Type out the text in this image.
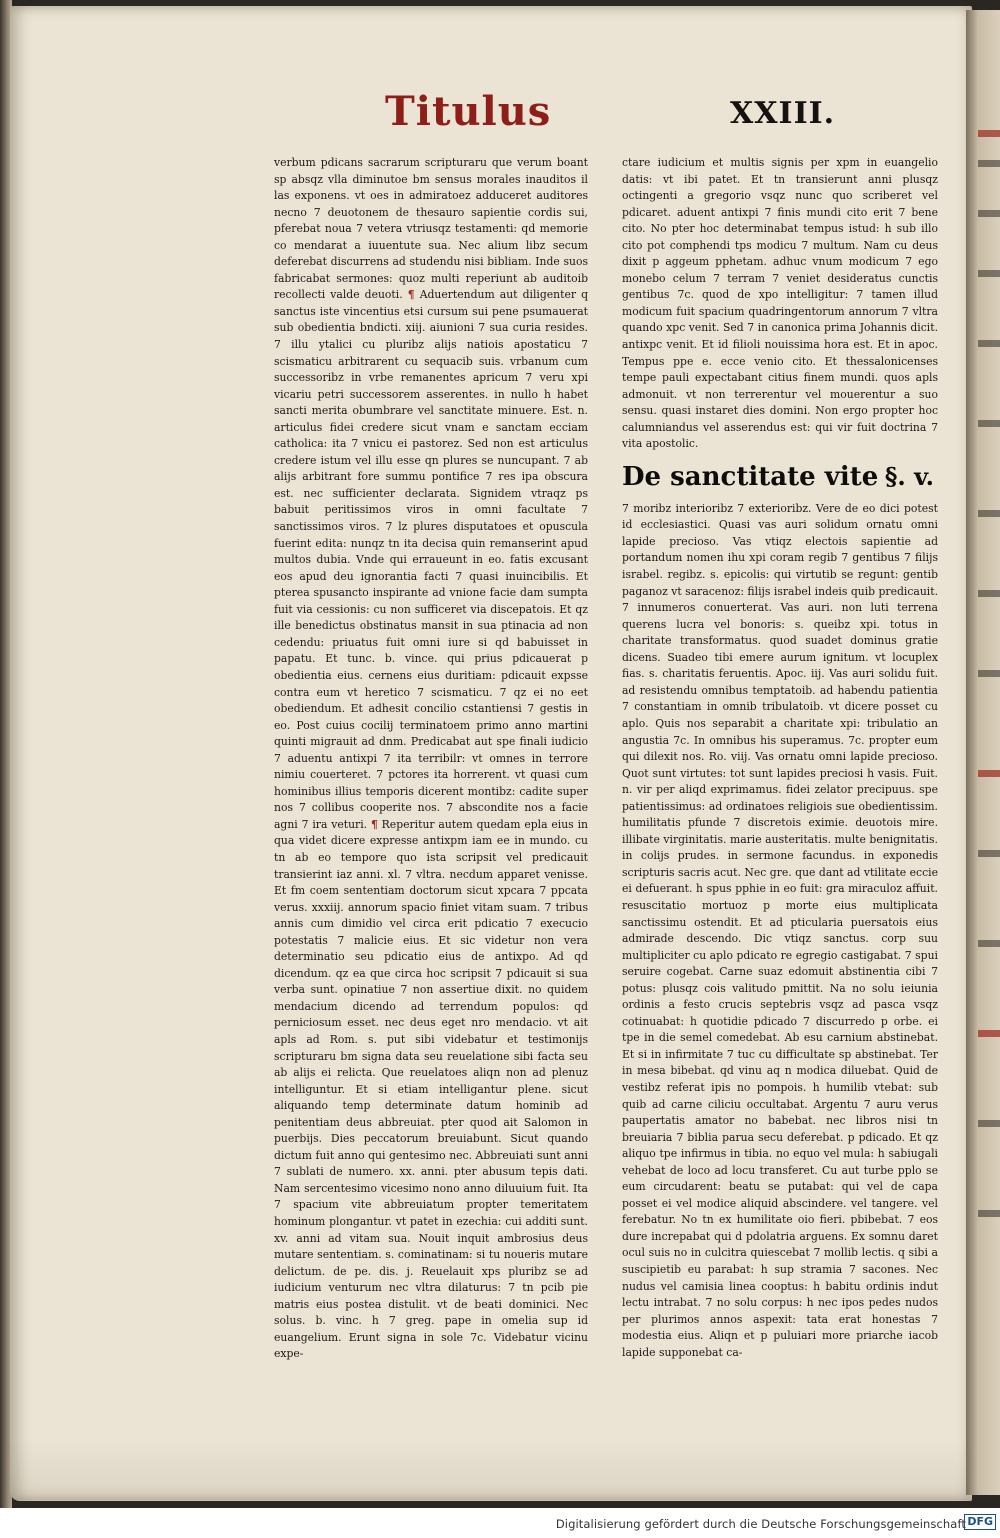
Titulus	XXIII.

verbum pdicans sacrarum scripturaru que verum boant sp absqz vlla diminutoe bm sensus morales inauditos il las exponens. vt oes in admiratoez adduceret auditores necno 7 deuotonem de thesauro sapientie cordis sui, pferebat noua 7 vetera vtriusqz testamenti: qd memorie co mendarat a iuuentute sua. Nec alium libz secum deferebat discurrens ad studendu nisi bibliam. Inde suos fabricabat sermones: quoz multi reperiunt ab auditoib recollecti valde deuoti. ¶ Aduertendum aut diligenter q sanctus iste vincentius etsi cursum sui pene psumauerat sub obedientia bndicti. xiij. aiunioni 7 sua curia resides. 7 illu ytalici cu pluribz alijs natiois apostaticu 7 scismaticu arbitrarent cu sequacib suis. vrbanum cum successoribz in vrbe remanentes apricum 7 veru xpi vicariu petri successorem asserentes. in nullo h habet sancti merita obumbrare vel sanctitate minuere. Est. n. articulus fidei credere sicut vnam e sanctam ecciam catholica: ita 7 vnicu ei pastorez. Sed non est articulus credere istum vel illu esse qn plures se nuncupant. 7 ab alijs arbitrant fore summu pontifice 7 res ipa obscura est. nec sufficienter declarata. Signidem vtraqz ps babuit peritissimos viros in omni facultate 7 sanctissimos viros. 7 lz plures disputatoes et opuscula fuerint edita: nunqz tn ita decisa quin remanserint apud multos dubia. Vnde qui erraueunt in eo. fatis excusant eos apud deu ignorantia facti 7 quasi inuincibilis. Et pterea spusancto inspirante ad vnione facie dam sumpta fuit via cessionis: cu non sufficeret via discepatois. Et qz ille benedictus obstinatus mansit in sua ptinacia ad non cedendu: priuatus fuit omni iure si qd babuisset in papatu. Et tunc. b. vince. qui prius pdicauerat p obedientia eius. cernens eius duritiam: pdicauit expsse contra eum vt heretico 7 scismaticu. 7 qz ei no eet obediendum. Et adhesit concilio cstantiensi 7 gestis in eo. Post cuius cocilij terminatoem primo anno martini quinti migrauit ad dnm. Predicabat aut spe finali iudicio 7 aduentu antixpi 7 ita terribilr: vt omnes in terrore nimiu couerteret. 7 pctores ita horrerent. vt quasi cum hominibus illius temporis dicerent montibz: cadite super nos 7 collibus cooperite nos. 7 abscondite nos a facie agni 7 ira veturi. ¶ Reperitur autem quedam epla eius in qua videt dicere expresse antixpm iam ee in mundo. cu tn ab eo tempore quo ista scripsit vel predicauit transierint iaz anni. xl. 7 vltra. necdum apparet venisse. Et fm coem sententiam doctorum sicut xpcara 7 ppcata verus. xxxiij. annorum spacio finiet vitam suam. 7 tribus annis cum dimidio vel circa erit pdicatio 7 execucio potestatis 7 malicie eius. Et sic videtur non vera determinatio seu pdicatio eius de antixpo. Ad qd dicendum. qz ea que circa hoc scripsit 7 pdicauit si sua verba sunt. opinatiue 7 non assertiue dixit. no quidem mendacium dicendo ad terrendum populos: qd perniciosum esset. nec deus eget nro mendacio. vt ait apls ad Rom. s. put sibi videbatur et testimonijs scripturaru bm signa data seu reuelatione sibi facta seu ab alijs ei relicta. Que reuelatoes aliqn non ad plenuz intelliguntur. Et si etiam intelligantur plene. sicut aliquando temp determinate datum hominib ad penitentiam deus abbreuiat. pter quod ait Salomon in puerbijs. Dies peccatorum breuiabunt. Sicut quando dictum fuit anno qui gentesimo nec. Abbreuiati sunt anni 7 sublati de numero. xx. anni. pter abusum tepis dati. Nam sercentesimo vicesimo nono anno diluuium fuit. Ita 7 spacium vite abbreuiatum propter temeritatem hominum plongantur. vt patet in ezechia: cui additi sunt. xv. anni ad vitam sua. Nouit inquit ambrosius deus mutare sententiam. s. cominatinam: si tu noueris mutare delictum. de pe. dis. j. Reuelauit xps pluribz se ad iudicium venturum nec vltra dilaturus: 7 tn pcib pie matris eius postea distulit. vt de beati dominici. Nec solus. b. vinc. h 7 greg. pape in omelia sup id euangelium. Erunt signa in sole 7c. Videbatur vicinu expe-

ctare iudicium et multis signis per xpm in euangelio datis: vt ibi patet. Et tn transierunt anni plusqz octingenti a gregorio vsqz nunc quo scriberet vel pdicaret. aduent antixpi 7 finis mundi cito erit 7 bene cito. No pter hoc determinabat tempus istud: h sub illo cito pot comphendi tps modicu 7 multum. Nam cu deus dixit p aggeum pphetam. adhuc vnum modicum 7 ego monebo celum 7 terram 7 veniet desideratus cunctis gentibus 7c. quod de xpo intelligitur: 7 tamen illud modicum fuit spacium quadringentorum annorum 7 vltra quando xpc venit. Sed 7 in canonica prima Johannis dicit. antixpc venit. Et id filioli nouissima hora est. Et in apoc. Tempus ppe e. ecce venio cito. Et thessalonicenses tempe pauli expectabant citius finem mundi. quos apls admonuit. vt non terrerentur vel mouerentur a suo sensu. quasi instaret dies domini. Non ergo propter hoc calumniandus vel asserendus est: qui vir fuit doctrina 7 vita apostolic.

De sanctitate vite §. v.

7 moribz interioribz 7 exterioribz. Vere de eo dici potest id ecclesiastici. Quasi vas auri solidum ornatu omni lapide precioso. Vas vtiqz electois sapientie ad portandum nomen ihu xpi coram regib 7 gentibus 7 filijs israbel. regibz. s. epicolis: qui virtutib se regunt: gentib paganoz vt saracenoz: filijs israbel indeis quib predicauit. 7 innumeros conuerterat. Vas auri. non luti terrena querens lucra vel bonoris: s. queibz xpi. totus in charitate transformatus. quod suadet dominus gratie dicens. Suadeo tibi emere aurum ignitum. vt locuplex fias. s. charitatis feruentis. Apoc. iij. Vas auri solidu fuit. ad resistendu omnibus temptatoib. ad habendu patientia 7 constantiam in omnib tribulatoib. vt dicere posset cu aplo. Quis nos separabit a charitate xpi: tribulatio an angustia 7c. In omnibus his superamus. 7c. propter eum qui dilexit nos. Ro. viij. Vas ornatu omni lapide precioso. Quot sunt virtutes: tot sunt lapides preciosi h vasis. Fuit. n. vir per aliqd exprimamus. fidei zelator precipuus. spe patientissimus: ad ordinatoes religiois sue obedientissim. humilitatis pfunde 7 discretois eximie. deuotois mire. illibate virginitatis. marie austeritatis. multe benignitatis. in colijs prudes. in sermone facundus. in exponedis scripturis sacris acut. Nec gre. que dant ad vtilitate eccie ei defuerant. h spus pphie in eo fuit: gra miraculoz affuit. resuscitatio mortuoz p morte eius multiplicata sanctissimu ostendit. Et ad pticularia puersatois eius admirade descendo. Dic vtiqz sanctus. corp suu multipliciter cu aplo pdicato re egregio castigabat. 7 spui seruire cogebat. Carne suaz edomuit abstinentia cibi 7 potus: plusqz cois valitudo pmittit. Na no solu ieiunia ordinis a festo crucis septebris vsqz ad pasca vsqz cotinuabat: h quotidie pdicado 7 discurredo p orbe. ei tpe in die semel comedebat. Ab esu carnium abstinebat. Et si in infirmitate 7 tuc cu difficultate sp abstinebat. Ter in mesa bibebat. qd vinu aq n modica diluebat. Quid de vestibz referat ipis no pompois. h humilib vtebat: sub quib ad carne ciliciu occultabat. Argentu 7 auru verus paupertatis amator no babebat. nec libros nisi tn breuiaria 7 biblia parua secu deferebat. p pdicado. Et qz aliquo tpe infirmus in tibia. no equo vel mula: h sabiugali vehebat de loco ad locu transferet. Cu aut turbe pplo se eum circudarent: beatu se putabat: qui vel de capa posset ei vel modice aliquid abscindere. vel tangere. vel ferebatur. No tn ex humilitate oio fieri. pbibebat. 7 eos dure increpabat qui d pdolatria arguens. Ex somnu daret ocul suis no in culcitra quiescebat 7 mollib lectis. q sibi a suscipietib eu parabat: h sup stramia 7 sacones. Nec nudus vel camisia linea cooptus: h babitu ordinis indut lectu intrabat. 7 no solu corpus: h nec ipos pedes nudos per plurimos annos aspexit: tata erat honestas 7 modestia eius. Aliqn et p puluiari more priarche iacob lapide supponebat ca-

Digitalisierung gefördert durch die Deutsche Forschungsgemeinschaft DFG
